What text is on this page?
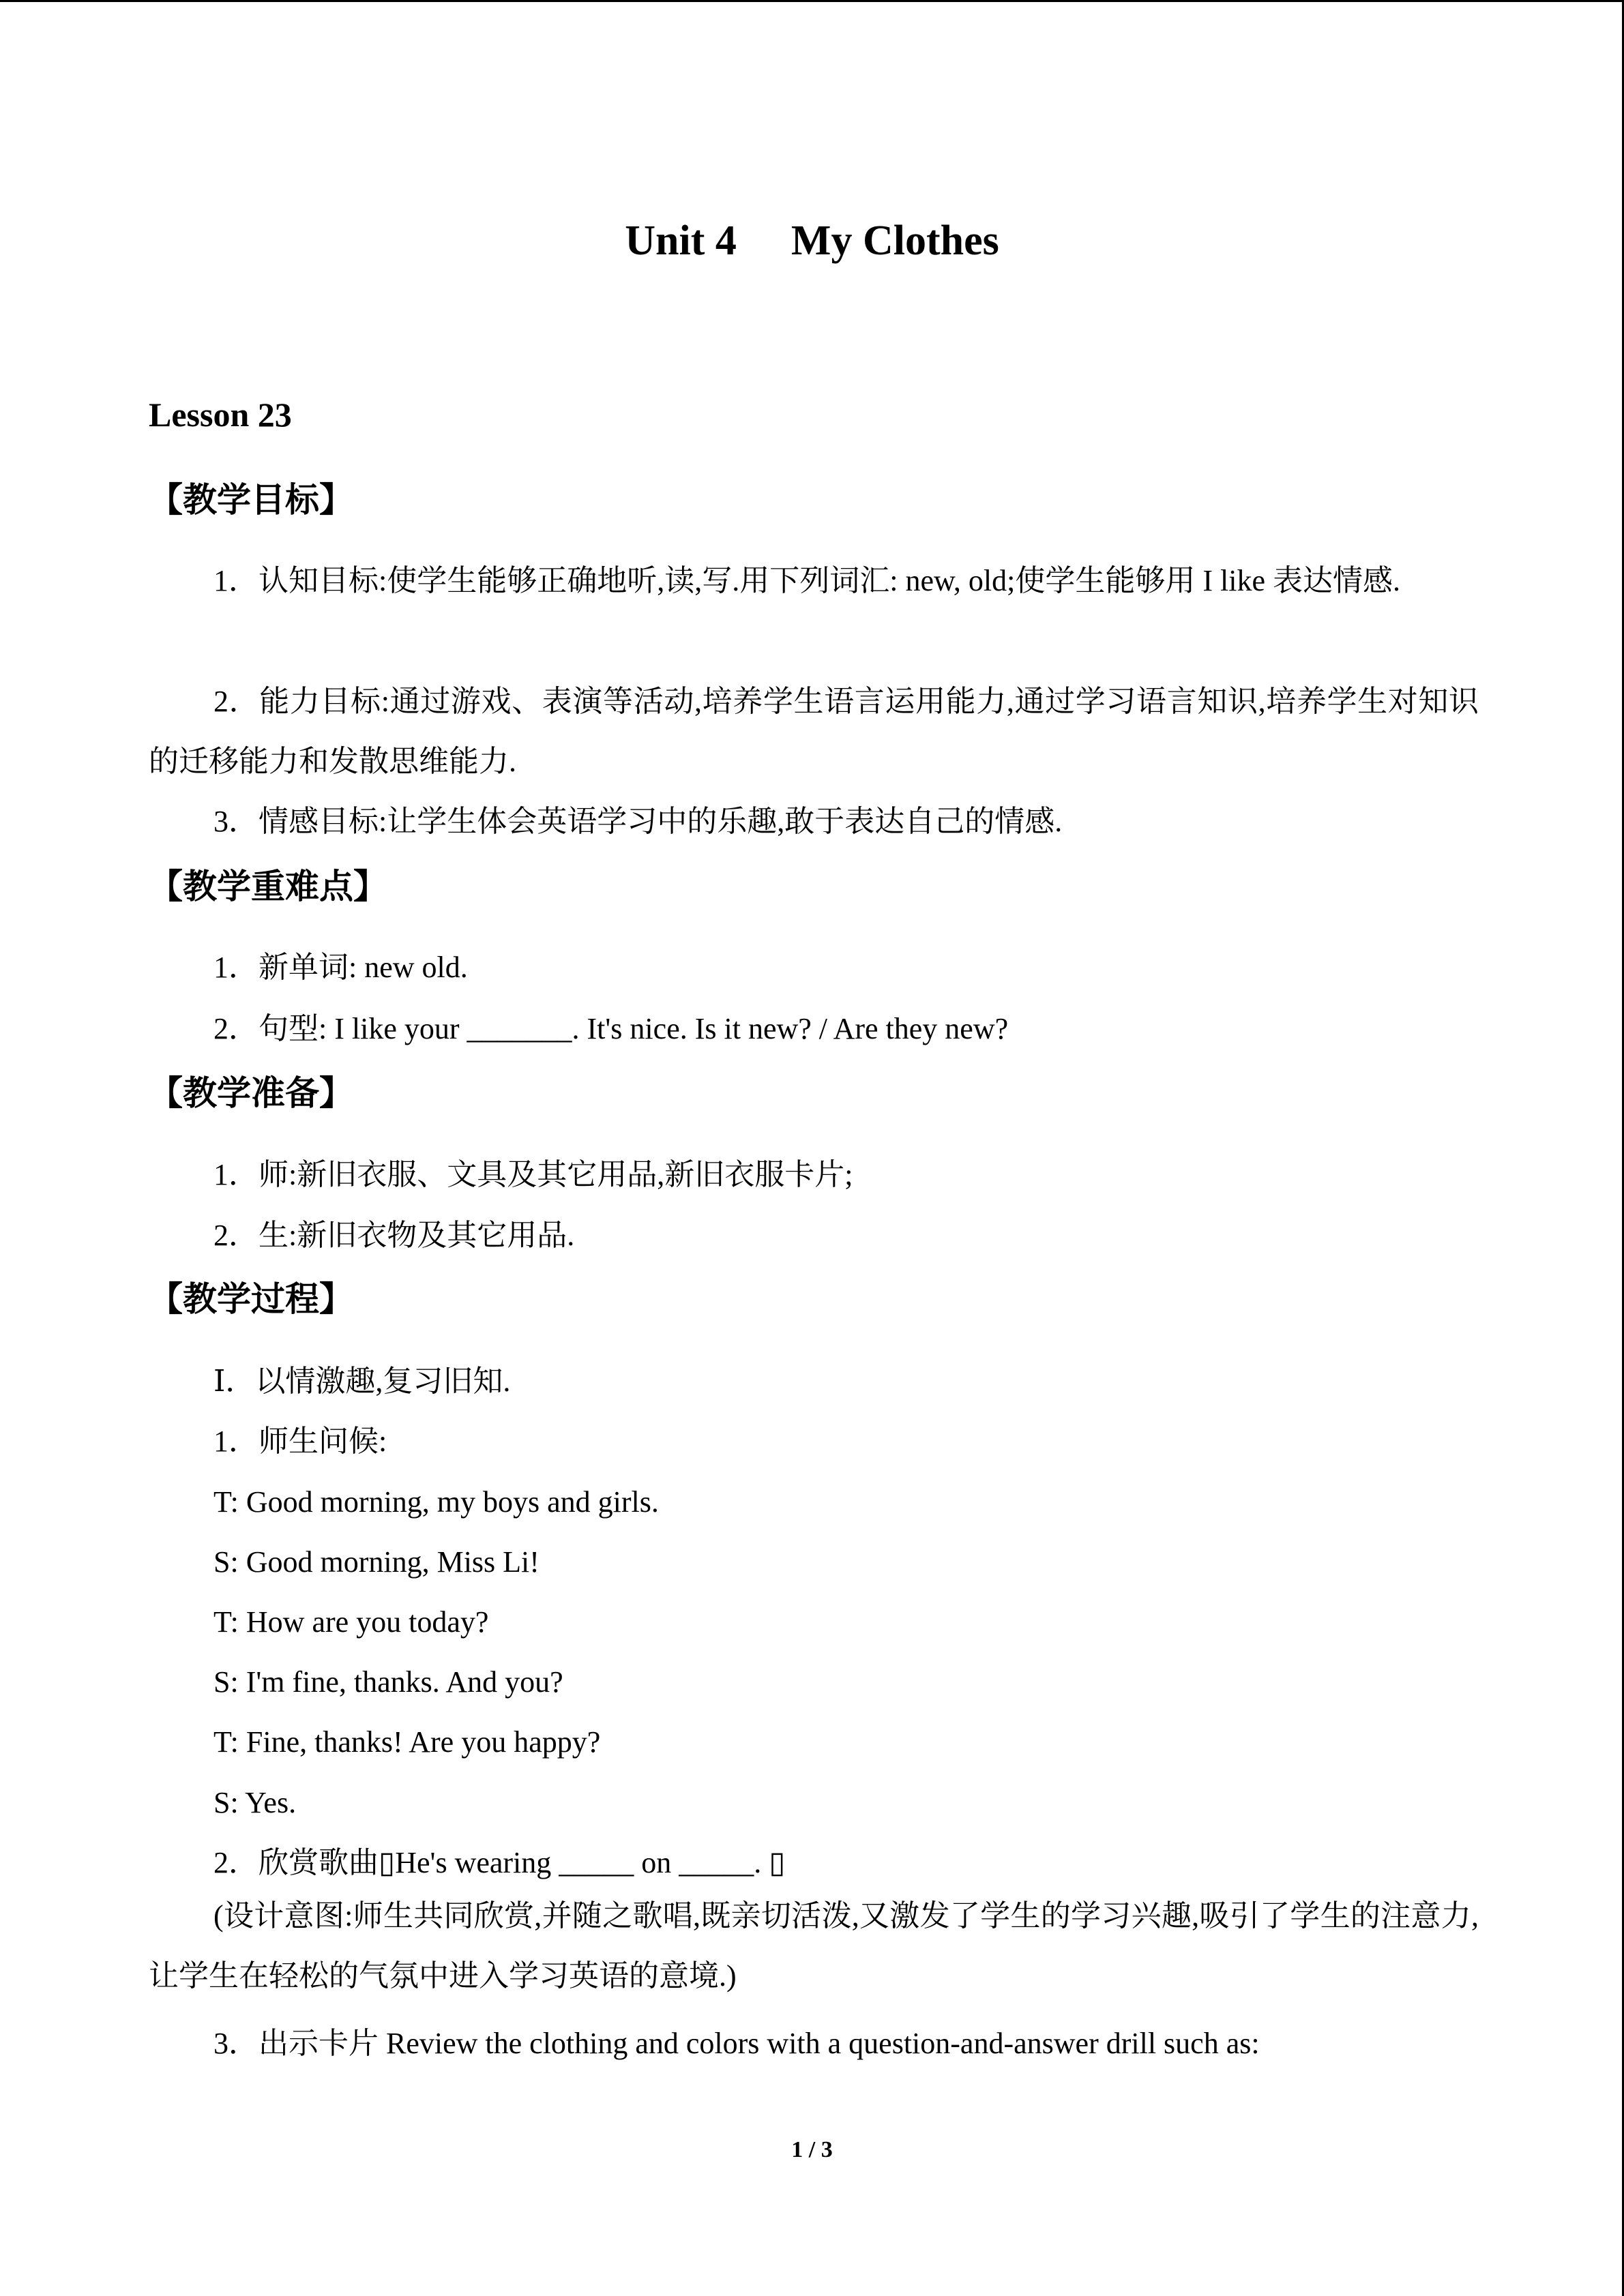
Unit 4 My Clothes
Lesson 23
【教学目标】
1．认知目标:使学生能够正确地听,读,写.用下列词汇: new, old;使学生能够用 I like 表达情感.
2．能力目标:通过游戏、表演等活动,培养学生语言运用能力,通过学习语言知识,培养学生对知识的迁移能力和发散思维能力.
3．情感目标:让学生体会英语学习中的乐趣,敢于表达自己的情感.
【教学重难点】
1．新单词: new old.
2．句型: I like your _______. It's nice. Is it new? / Are they new?
【教学准备】
1．师:新旧衣服、文具及其它用品,新旧衣服卡片;
2．生:新旧衣物及其它用品.
【教学过程】
Ⅰ．以情激趣,复习旧知.
1．师生问候:
T: Good morning, my boys and girls.
S: Good morning, Miss Li!
T: How are you today?
S: I'm fine, thanks. And you?
T: Fine, thanks! Are you happy?
S: Yes.
2．欣赏歌曲▯He's wearing _____ on _____. ▯
(设计意图:师生共同欣赏,并随之歌唱,既亲切活泼,又激发了学生的学习兴趣,吸引了学生的注意力,让学生在轻松的气氛中进入学习英语的意境.)
3．出示卡片 Review the clothing and colors with a question-and-answer drill such as:
1 / 3
